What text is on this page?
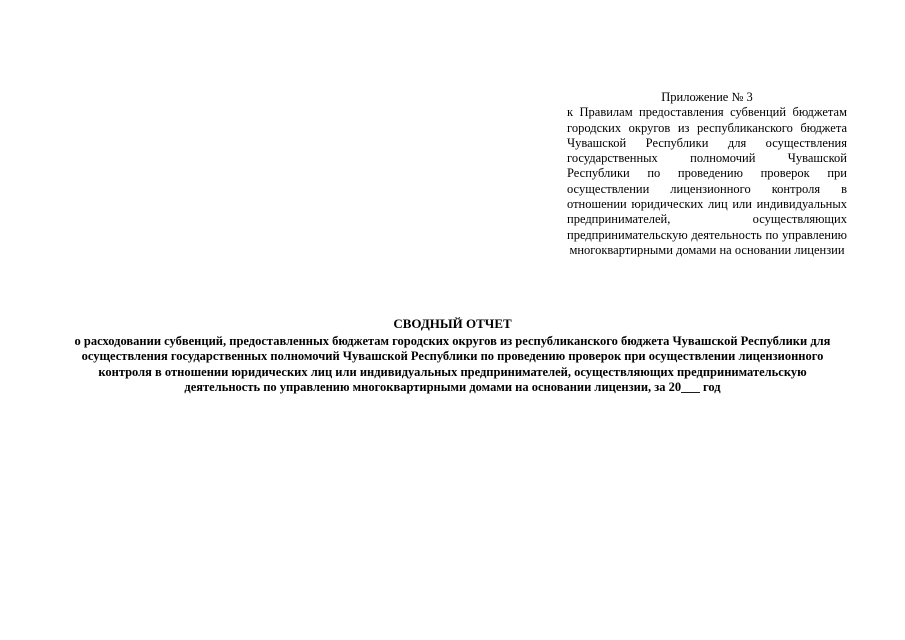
Приложение № 3

к Правилам предоставления субвенций бюджетам городских округов из республиканского бюджета Чувашской Республики для осуществления государственных полномочий Чувашской Республики по проведению проверок при осуществлении лицензионного контроля в отношении юридических лиц или индивидуальных предпринимателей, осуществляющих предпринимательскую деятельность по управлению многоквартирными домами на основании лицензии

СВОДНЫЙ ОТЧЕТ

о расходовании субвенций, предоставленных бюджетам городских округов из республиканского бюджета Чувашской Республики для осуществления государственных полномочий Чувашской Республики по проведению проверок при осуществлении лицензионного контроля в отношении юридических лиц или индивидуальных предпринимателей, осуществляющих предпринимательскую деятельность по управлению многоквартирными домами на основании лицензии, за 20___ год
